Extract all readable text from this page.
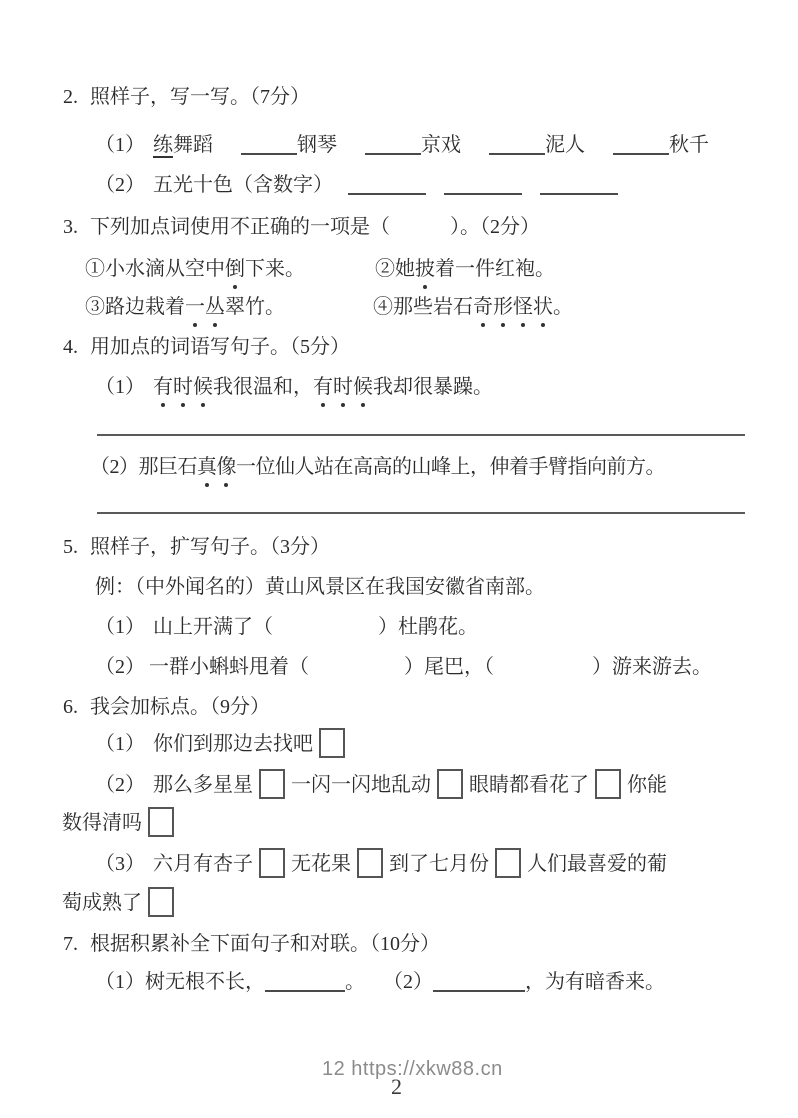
2. 照样子，写一写。（7分）
（1） 练舞蹈	钢琴	京戏	泥人	秋千
（2） 五光十色（含数字）
3. 下列加点词使用不正确的一项是（	）。（2分）
①小水滴从空中倒下来。	②她披着一件红袍。
③路边栽着一丛翠竹。	④那些岩石奇形怪状。
4. 用加点的词语写句子。（5分）
（1） 有时候我很温和，有时候我却很暴躁。
（2）那巨石真像一位仙人站在高高的山峰上，伸着手臂指向前方。
5. 照样子，扩写句子。（3分）
例：（中外闻名的）黄山风景区在我国安徽省南部。
（1） 山上开满了（	）杜鹃花。
（2） 一群小蝌蚪甩着（	）尾巴，（	）游来游去。
6. 我会加标点。（9分）
（1） 你们到那边去找吧
（2） 那么多星星 一闪一闪地乱动 眼睛都看花了 你能
数得清吗
（3） 六月有杏子 无花果 到了七月份 人们最喜爱的葡
萄成熟了
7. 根据积累补全下面句子和对联。（10分）
（1）树无根不长，	。 （2）	，为有暗香来。
12 https://xkw88.cn
2
